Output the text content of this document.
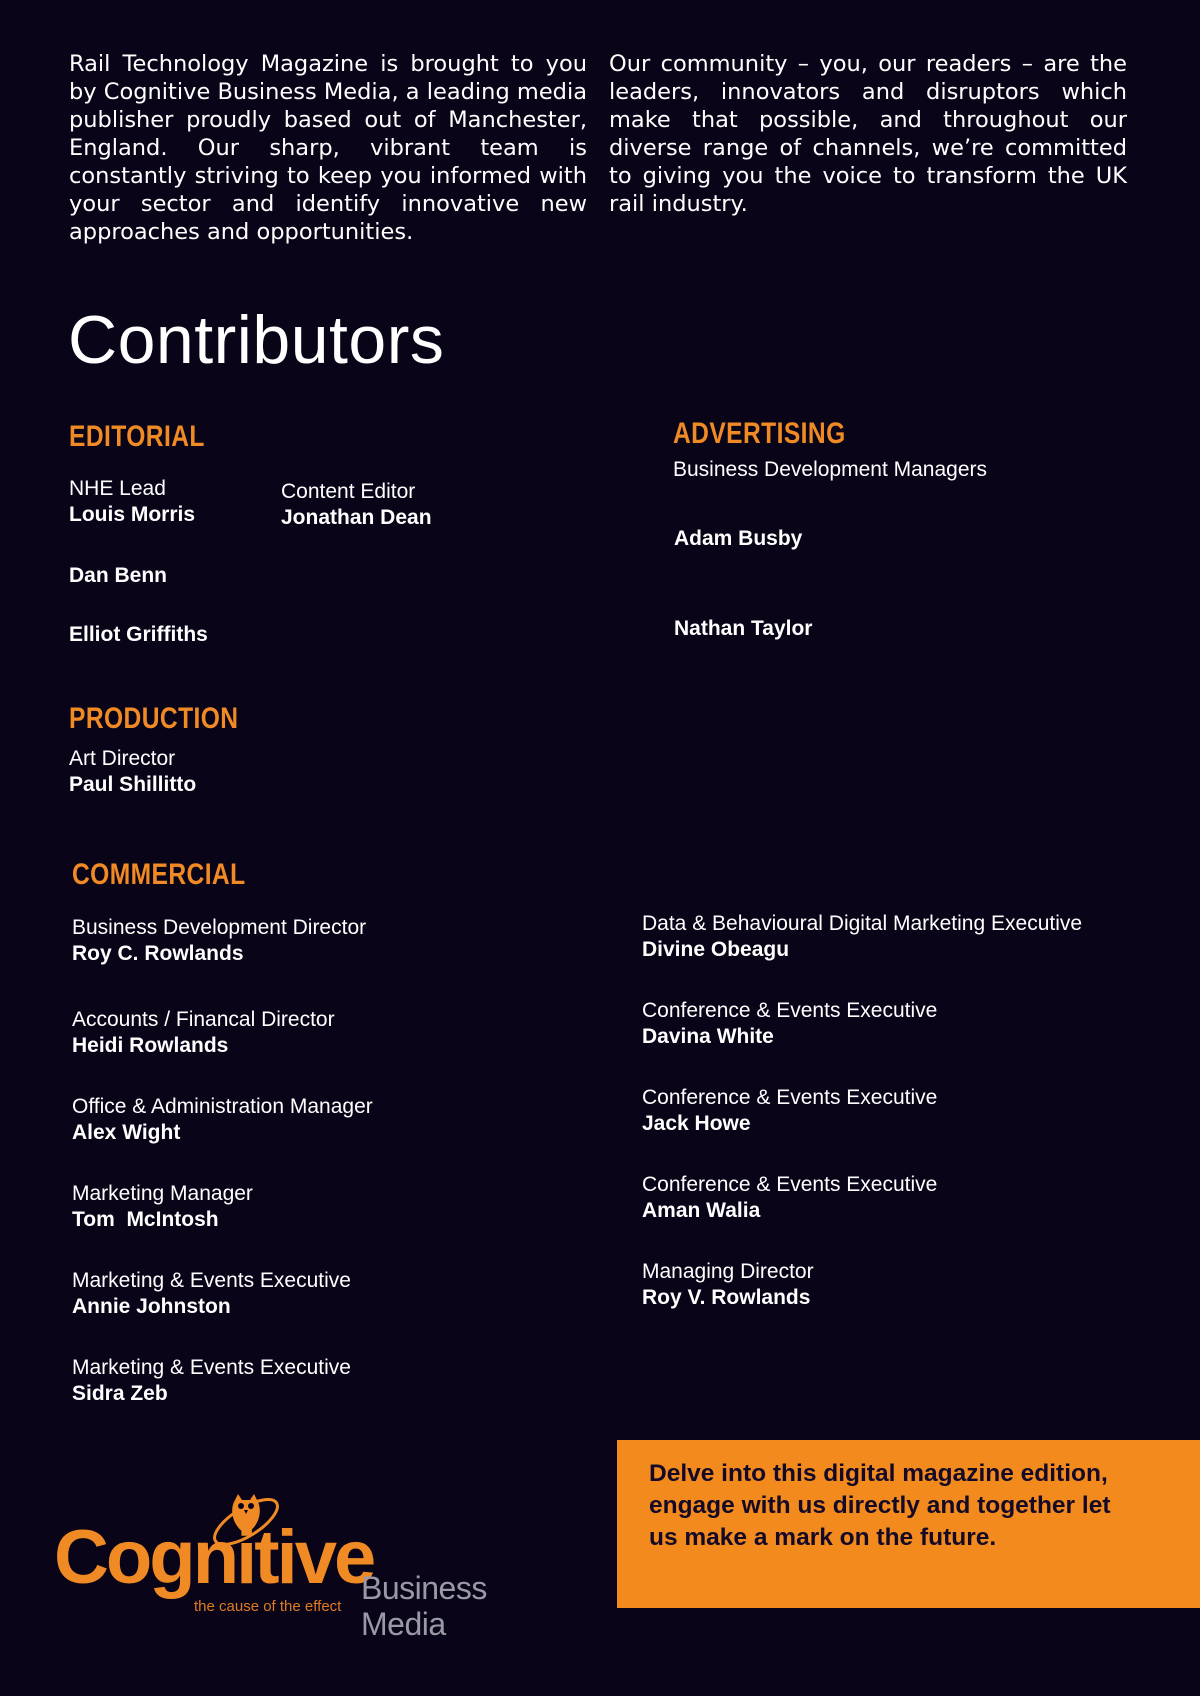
Rail Technology Magazine is brought to you by Cognitive Business Media, a leading media publisher proudly based out of Manchester, England. Our sharp, vibrant team is constantly striving to keep you informed with your sector and identify innovative new approaches and opportunities.

Our community – you, our readers – are the leaders, innovators and disruptors which make that possible, and throughout our diverse range of channels, we’re committed to giving you the voice to transform the UK rail industry.

Contributors
EDITORIAL
NHE Lead
Louis Morris
Content Editor
Jonathan Dean
Dan Benn
Elliot Griffiths
ADVERTISING
Business Development Managers
Adam Busby
Nathan Taylor
PRODUCTION
Art Director
Paul Shillitto
COMMERCIAL
Business Development Director
Roy C. Rowlands
Accounts / Financal Director
Heidi Rowlands
Office & Administration Manager
Alex Wight
Marketing Manager
Tom  McIntosh
Marketing & Events Executive
Annie Johnston
Marketing & Events Executive
Sidra Zeb
Data & Behavioural Digital Marketing Executive
Divine Obeagu
Conference & Events Executive
Davina White
Conference & Events Executive
Jack Howe
Conference & Events Executive
Aman Walia
Managing Director
Roy V. Rowlands
Cognitive
the cause of the effect
Business Media

Delve into this digital magazine edition, engage with us directly and together let us make a mark on the future.
